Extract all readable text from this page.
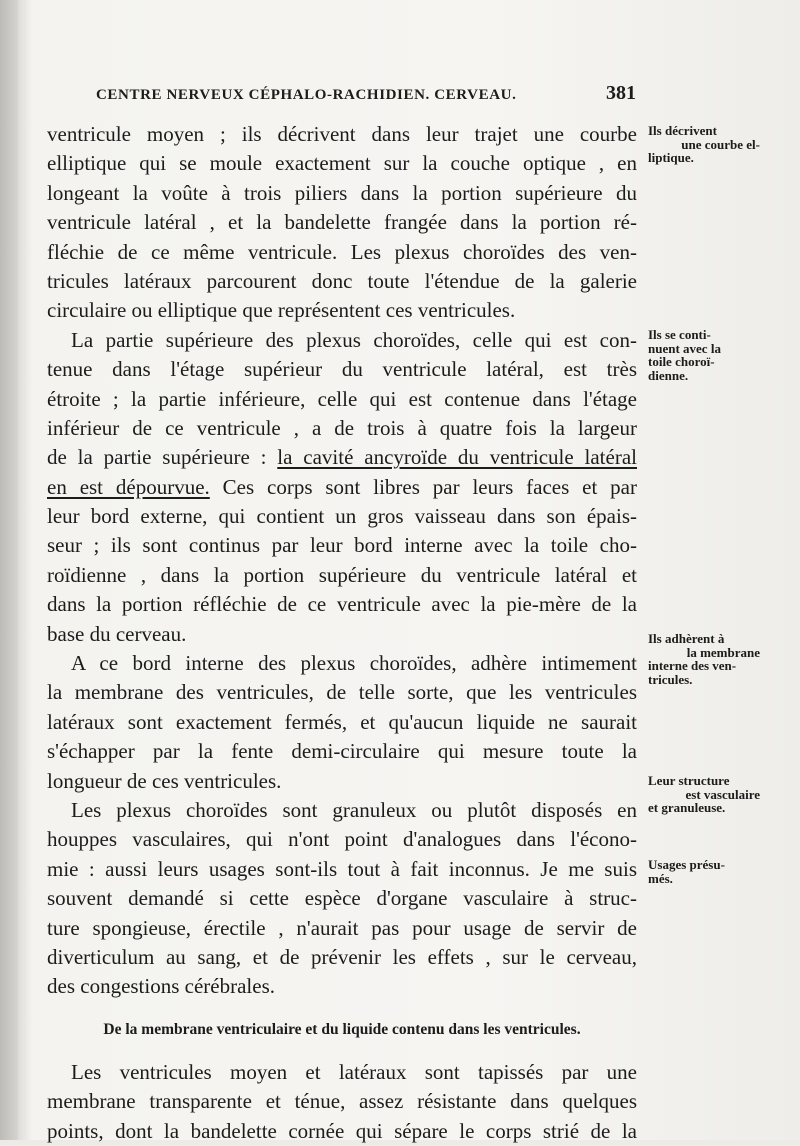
CENTRE NERVEUX CÉPHALO-RACHIDIEN. CERVEAU.	381
ventricule moyen ; ils décrivent dans leur trajet une courbe
elliptique qui se moule exactement sur la couche optique , en
longeant la voûte à trois piliers dans la portion supérieure du
ventricule latéral , et la bandelette frangée dans la portion ré-
fléchie de ce même ventricule. Les plexus choroïdes des ven-
tricules latéraux parcourent donc toute l'étendue de la galerie
circulaire ou elliptique que représentent ces ventricules.
La partie supérieure des plexus choroïdes, celle qui est con-
tenue dans l'étage supérieur du ventricule latéral, est très
étroite ; la partie inférieure, celle qui est contenue dans l'étage
inférieur de ce ventricule , a de trois à quatre fois la largeur
de la partie supérieure : la cavité ancyroïde du ventricule latéral
en est dépourvue. Ces corps sont libres par leurs faces et par
leur bord externe, qui contient un gros vaisseau dans son épais-
seur ; ils sont continus par leur bord interne avec la toile cho-
roïdienne , dans la portion supérieure du ventricule latéral et
dans la portion réfléchie de ce ventricule avec la pie-mère de la
base du cerveau.
A ce bord interne des plexus choroïdes, adhère intimement
la membrane des ventricules, de telle sorte, que les ventricules
latéraux sont exactement fermés, et qu'aucun liquide ne saurait
s'échapper par la fente demi-circulaire qui mesure toute la
longueur de ces ventricules.
Les plexus choroïdes sont granuleux ou plutôt disposés en
houppes vasculaires, qui n'ont point d'analogues dans l'écono-
mie : aussi leurs usages sont-ils tout à fait inconnus. Je me suis
souvent demandé si cette espèce d'organe vasculaire à struc-
ture spongieuse, érectile , n'aurait pas pour usage de servir de
diverticulum au sang, et de prévenir les effets , sur le cerveau,
des congestions cérébrales.
De la membrane ventriculaire et du liquide contenu dans les ventricules.
Les ventricules moyen et latéraux sont tapissés par une
membrane transparente et ténue, assez résistante dans quelques
points, dont la bandelette cornée qui sépare le corps strié de la
Ils décrivent
une courbe el-
liptique.
Ils se conti-
nuent avec la
toile choroï-
dienne.
Ils adhèrent à
la membrane
interne des ven-
tricules.
Leur structure
est vasculaire
et granuleuse.
Usages présu-
més.
